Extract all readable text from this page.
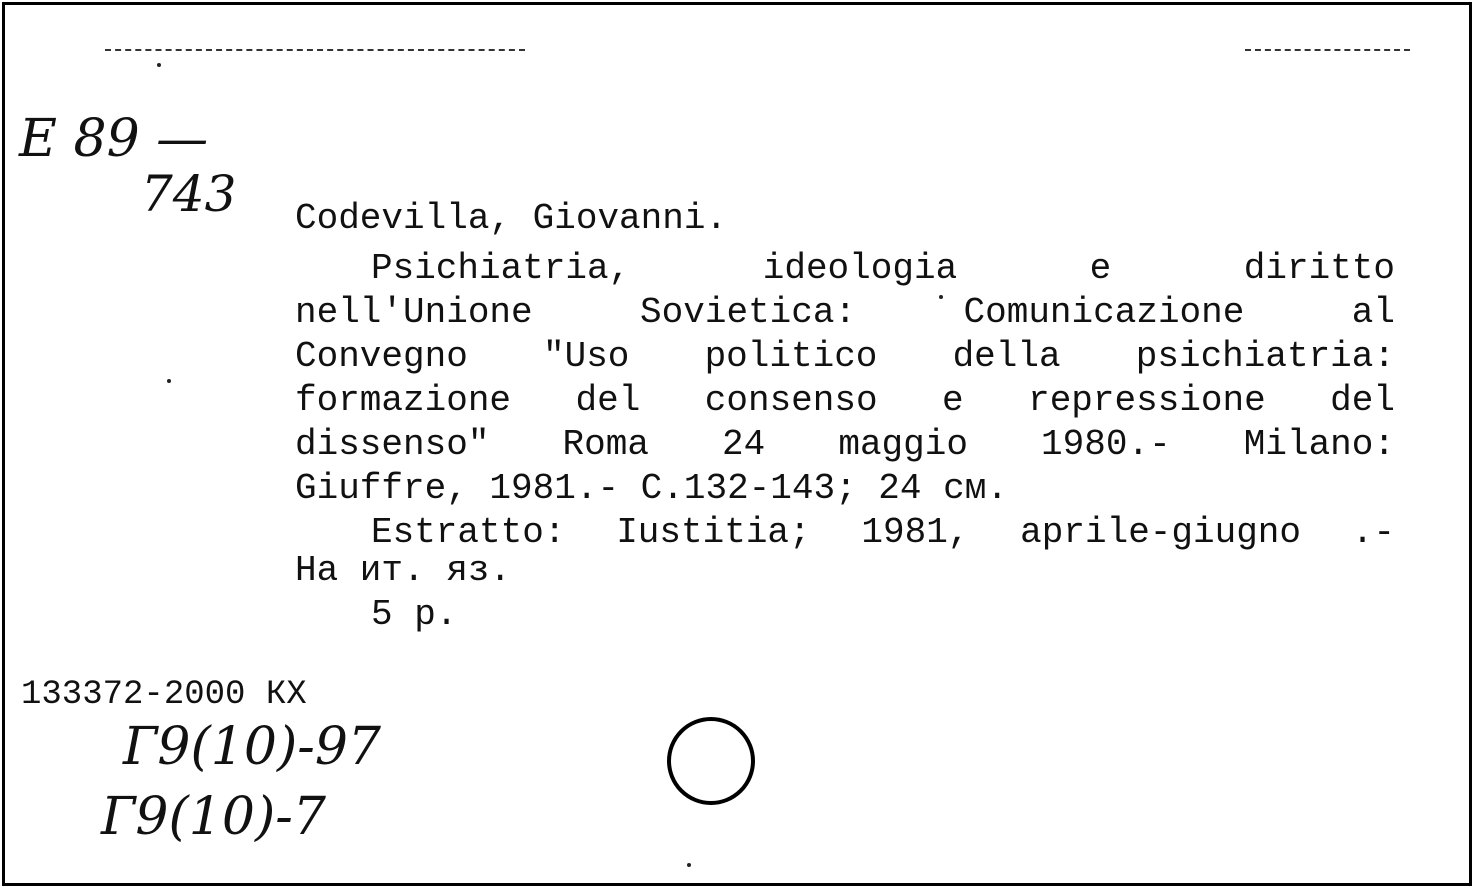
E 89 —
743 Codevilla, Giovanni.
Psichiatria, ideologia e diritto
nell'Unione Sovietica: Comunicazione al
Convegno "Uso politico della psichiatria:
formazione del consenso e repressione del
dissenso" Roma 24 maggio 1980.- Milano:
Giuffre, 1981.- C.132-143; 24 см.
Estratto: Iustitia; 1981, aprile-giugno .-
На ит. яз.
5 р.
133372-2000 КХ
Г9(10)-97
Г9(10)-7
